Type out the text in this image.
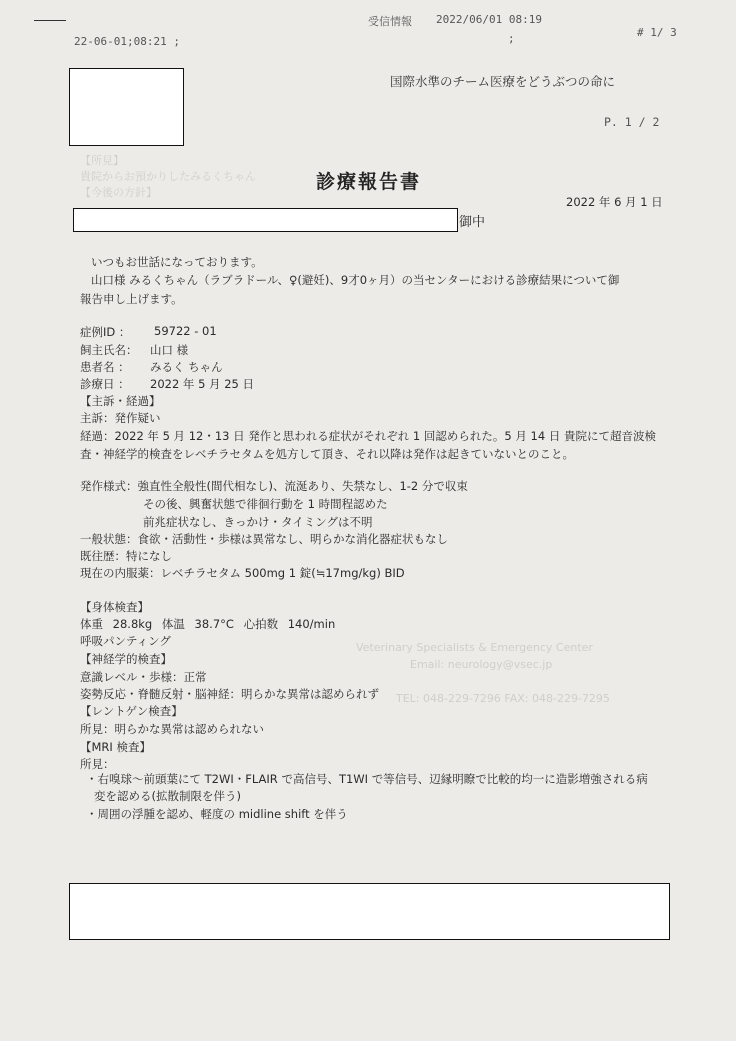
【所見】
貴院からお預かりしたみるくちゃん
【今後の方針】
Veterinary Specialists & Emergency Center
Email: neurology@vsec.jp
TEL: 048-229-7296 FAX: 048-229-7295
受信情報 2022/06/01 08:19
# 1/ 3
22-06-01;08:21 ;	;
国際水準のチーム医療をどうぶつの命に
P. 1 / 2
診療報告書
2022 年 6 月 1 日
御中
いつもお世話になっております。
山口様 みるくちゃん（ラブラドール、♀(避妊)、9才0ヶ月）の当センターにおける診療結果について御
報告申し上げます。
症例ID ： 59722 - 01
飼主氏名： 山口 様
患者名 ： みるく ちゃん
診療日 ： 2022 年 5 月 25 日
【主訴・経過】
主訴：発作疑い
経過：2022 年 5 月 12・13 日 発作と思われる症状がそれぞれ 1 回認められた。5 月 14 日 貴院にて超音波検
査・神経学的検査をレベチラセタムを処方して頂き、それ以降は発作は起きていないとのこと。
発作様式：強直性全般性(間代相なし)、流涎あり、失禁なし、1-2 分で収束
その後、興奮状態で徘徊行動を 1 時間程認めた
前兆症状なし、きっかけ・タイミングは不明
一般状態：食欲・活動性・歩様は異常なし、明らかな消化器症状もなし
既往歴：特になし
現在の内服薬：レベチラセタム 500mg 1 錠(≒17mg/kg) BID
【身体検査】
体重 28.8kg 体温 38.7°C 心拍数 140/min
呼吸パンティング
【神経学的検査】
意識レベル・歩様：正常
姿勢反応・脊髄反射・脳神経：明らかな異常は認められず
【レントゲン検査】
所見：明らかな異常は認められない
【MRI 検査】
所見：
・右嗅球～前頭葉にて T2WI・FLAIR で高信号、T1WI で等信号、辺縁明瞭で比較的均一に造影増強される病
変を認める(拡散制限を伴う)
・周囲の浮腫を認め、軽度の midline shift を伴う
